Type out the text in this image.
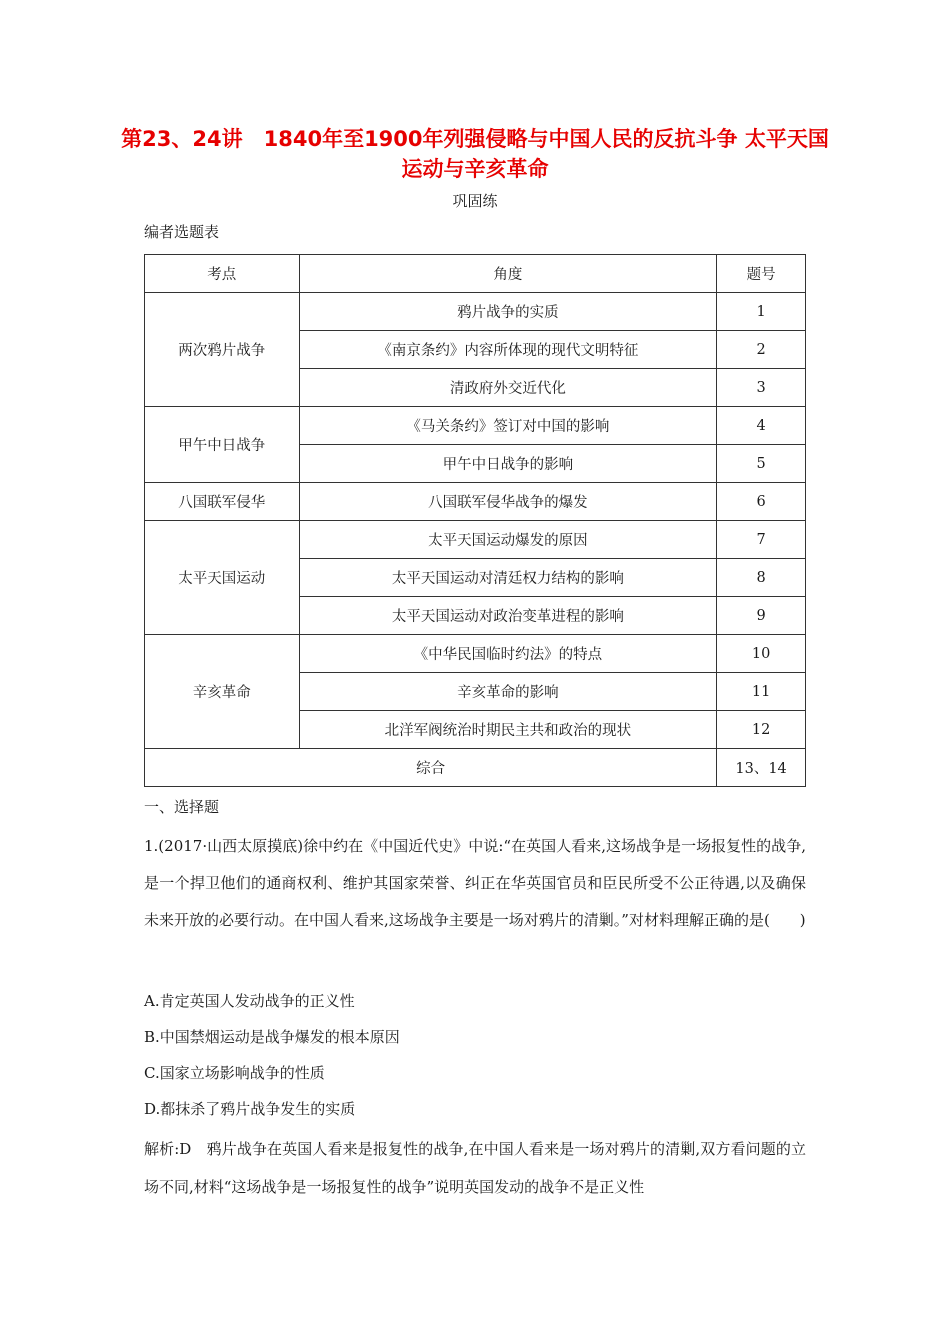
第23、24讲　1840年至1900年列强侵略与中国人民的反抗斗争 太平天国运动与辛亥革命
巩固练
编者选题表
考点	角度	题号
两次鸦片战争	鸦片战争的实质	1
	《南京条约》内容所体现的现代文明特征	2
	清政府外交近代化	3
甲午中日战争	《马关条约》签订对中国的影响	4
	甲午中日战争的影响	5
八国联军侵华	八国联军侵华战争的爆发	6
太平天国运动	太平天国运动爆发的原因	7
	太平天国运动对清廷权力结构的影响	8
	太平天国运动对政治变革进程的影响	9
辛亥革命	《中华民国临时约法》的特点	10
	辛亥革命的影响	11
	北洋军阀统治时期民主共和政治的现状	12
综合		13、14
一、选择题

1.(2017·山西太原摸底)徐中约在《中国近代史》中说:“在英国人看来,这场战争是一场报复性的战争,是一个捍卫他们的通商权利、维护其国家荣誉、纠正在华英国官员和臣民所受不公正待遇,以及确保未来开放的必要行动。在中国人看来,这场战争主要是一场对鸦片的清剿。”对材料理解正确的是(　　)

A.肯定英国人发动战争的正义性
B.中国禁烟运动是战争爆发的根本原因
C.国家立场影响战争的性质
D.都抹杀了鸦片战争发生的实质
解析:D　鸦片战争在英国人看来是报复性的战争,在中国人看来是一场对鸦片的清剿,双方看问题的立场不同,材料“这场战争是一场报复性的战争”说明英国发动的战争不是正义性
